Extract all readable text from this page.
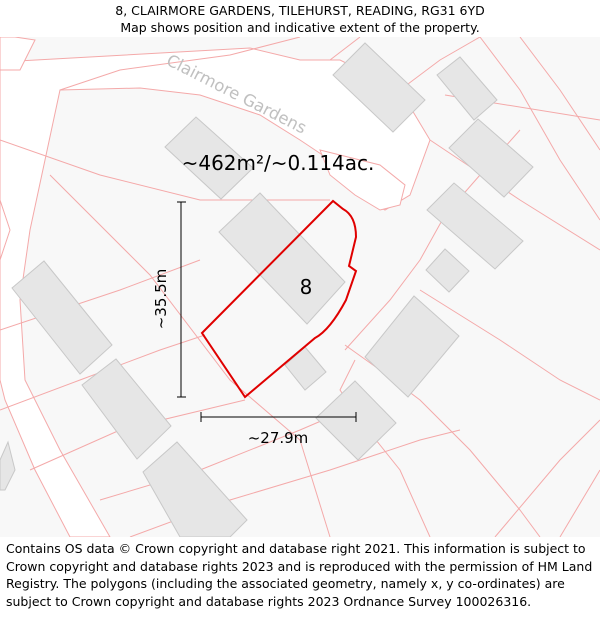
8, CLAIRMORE GARDENS, TILEHURST, READING, RG31 6YD
Map shows position and indicative extent of the property.
Clairmore Gardens
8
~462m²/~0.114ac.
~35.5m
~27.9m
Contains OS data © Crown copyright and database right 2021. This information is subject to Crown copyright and database rights 2023 and is reproduced with the permission of HM Land Registry. The polygons (including the associated geometry, namely x, y co-ordinates) are subject to Crown copyright and database rights 2023 Ordnance Survey 100026316.
